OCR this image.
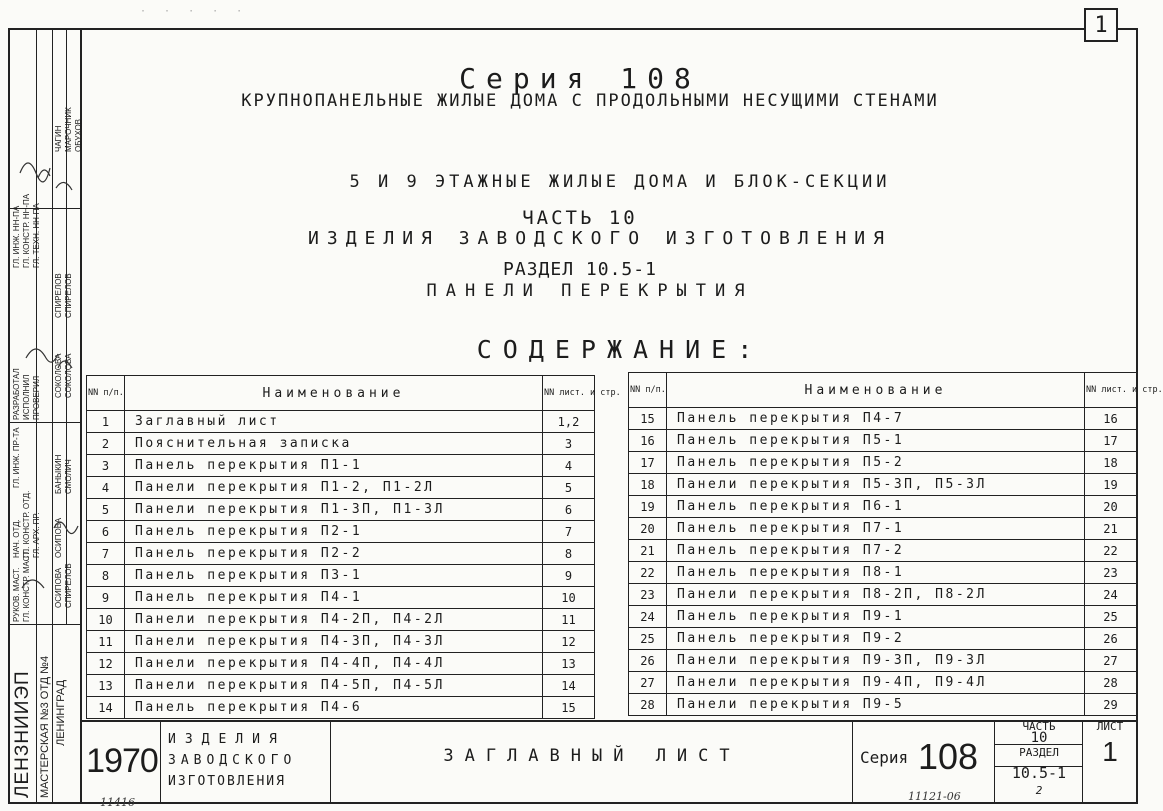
· · · · ·
1
ЛЕНЗНИИЭП МАСТЕРСКАЯ №3 ОТД №4 ЛЕНИНГРАД
РУКОВ. МАСТ. ГЛ. КОНСТР. МАСТ.
НАЧ. ОТД. ГЛ. КОНСТР. ОТД. ГЛ. АРХ. ПР.
ГЛ. ИНЖ. ПР-ТА
РАЗРАБОТАЛ ИСПОЛНИЛ ПРОВЕРИЛ
ГЛ. ИНЖ. НН-ПА ГЛ. КОНСТР. НН-ПА ГЛ. ТЕХН. НН-ПА
БАНЫКИН СМОЛИЧ
ОСИПОВА СПИРЕЛОВ
ОСИПОВА
СПИРЕЛОВ
СОКОЛОВА СОКОЛОВА
СПИРЕЛОВ
ЧАГИН МАРОЧНИК ОБУХОВ
Серия 108
КРУПНОПАНЕЛЬНЫЕ ЖИЛЫЕ ДОМА С ПРОДОЛЬНЫМИ НЕСУЩИМИ СТЕНАМИ
5 И 9 ЭТАЖНЫЕ ЖИЛЫЕ ДОМА И БЛОК-СЕКЦИИ
ЧАСТЬ 10
ИЗДЕЛИЯ ЗАВОДСКОГО ИЗГОТОВЛЕНИЯ
РАЗДЕЛ 10.5-1
ПАНЕЛИ ПЕРЕКРЫТИЯ
СОДЕРЖАНИЕ:
NN п/п.	Наименование	NN лист. и стр.
1	Заглавный лист	1,2
2	Пояснительная записка	3
3	Панель перекрытия П1-1	4
4	Панели перекрытия П1-2, П1-2Л	5
5	Панели перекрытия П1-3П, П1-3Л	6
6	Панель перекрытия П2-1	7
7	Панель перекрытия П2-2	8
8	Панель перекрытия П3-1	9
9	Панель перекрытия П4-1	10
10	Панели перекрытия П4-2П, П4-2Л	11
11	Панели перекрытия П4-3П, П4-3Л	12
12	Панели перекрытия П4-4П, П4-4Л	13
13	Панели перекрытия П4-5П, П4-5Л	14
14	Панель перекрытия П4-6	15
NN п/п.	Наименование	NN лист. и стр.
15	Панель перекрытия П4-7	16
16	Панель перекрытия П5-1	17
17	Панель перекрытия П5-2	18
18	Панели перекрытия П5-3П, П5-3Л	19
19	Панель перекрытия П6-1	20
20	Панель перекрытия П7-1	21
21	Панель перекрытия П7-2	22
22	Панель перекрытия П8-1	23
23	Панели перекрытия П8-2П, П8-2Л	24
24	Панель перекрытия П9-1	25
25	Панель перекрытия П9-2	26
26	Панели перекрытия П9-3П, П9-3Л	27
27	Панели перекрытия П9-4П, П9-4Л	28
28	Панели перекрытия П9-5	29
1970
ИЗДЕЛИЯ
ЗАВОДСКОГО
ИЗГОТОВЛЕНИЯ
ЗАГЛАВНЫЙ ЛИСТ	Серия 108
ЧАСТЬ
10
РАЗДЕЛ
10.5-1
2
ЛИСТ
1
11416	11121-06
